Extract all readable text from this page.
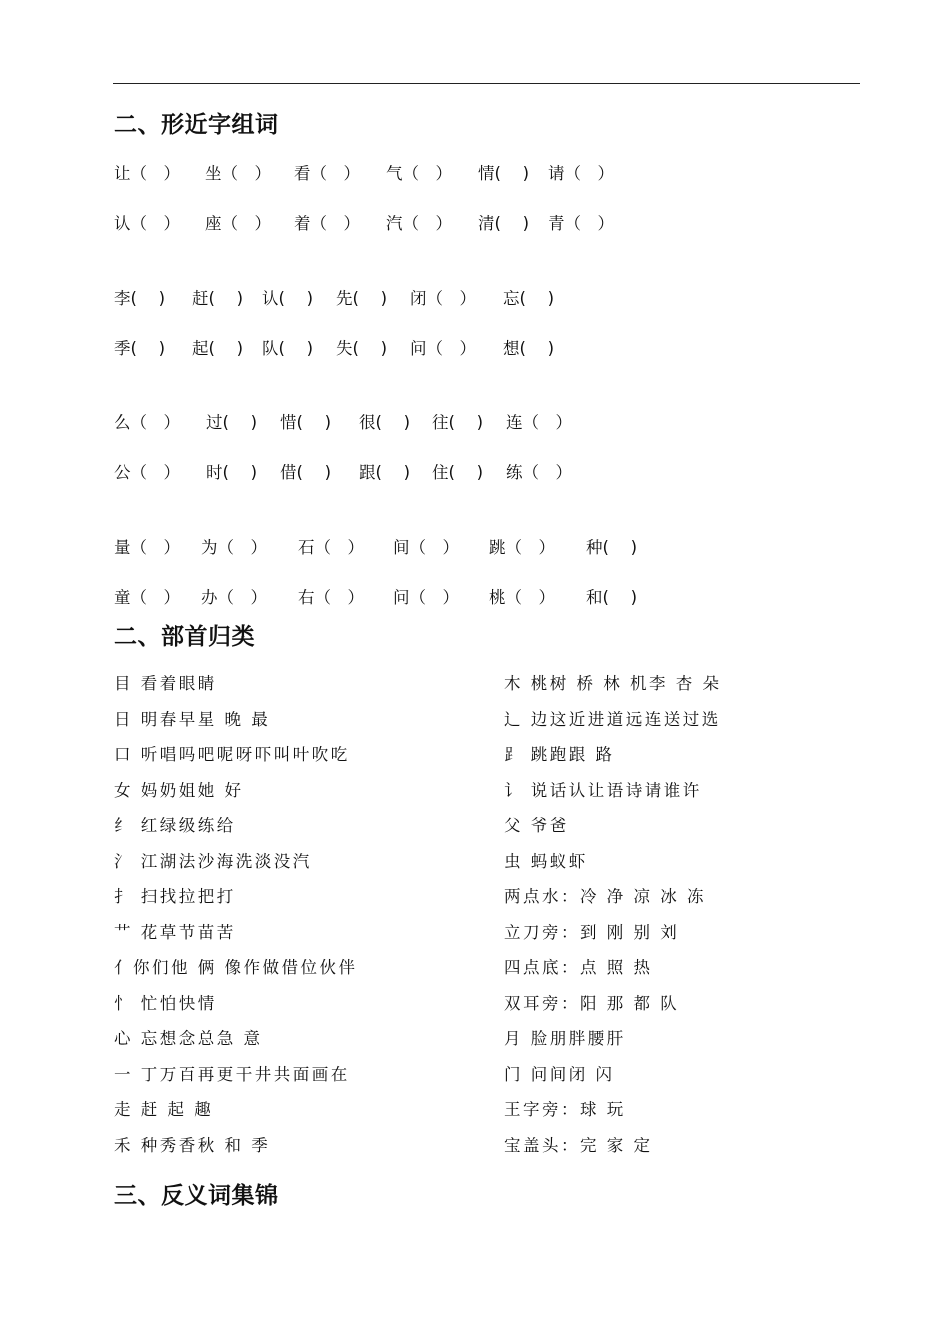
二、形近字组词
让（　） 坐（　） 看（　） 气（　） 情(　 ) 请（　）
认（　） 座（　） 着（　） 汽（　） 清(　 ) 青（　）
李(　 ) 赶(　 ) 认(　 ) 先(　 ) 闭（　） 忘(　 )
季(　 ) 起(　 ) 队(　 ) 失(　 ) 问（　） 想(　 )
么（　） 过(　 ) 惜(　 ) 很(　 ) 往(　 ) 连（　）
公（　） 时(　 ) 借(　 ) 跟(　 ) 住(　 ) 练（　）
量（　） 为（　） 石（　） 间（　） 跳（　） 种(　 )
童（　） 办（　） 右（　） 问（　） 桃（　） 和(　 )
二、部首归类
目 看着眼睛
日 明春早星 晚 最
口 听唱吗吧呢呀吓叫叶吹吃
女 妈奶姐她 好
纟 红绿级练给
氵 江湖法沙海洗淡没汽
扌 扫找拉把打
艹 花草节苗苦
亻你们他 俩 像作做借位伙伴
忄 忙怕快情
心 忘想念总急 意
一 丁万百再更干井共面画在
走 赶 起 趣
禾 种秀香秋 和 季
木 桃树 桥 林 机李 杏 朵
辶 边这近进道远连送过选
⻊ 跳跑跟 路
讠 说话认让语诗请谁许
父 爷爸
虫 蚂蚁虾
两点水：冷 净 凉 冰 冻
立刀旁：到 刚 别 刘
四点底：点 照 热
双耳旁：阳 那 都 队
月 脸朋胖腰肝
门 问间闭 闪
王字旁：球 玩
宝盖头：完 家 定
三、反义词集锦
